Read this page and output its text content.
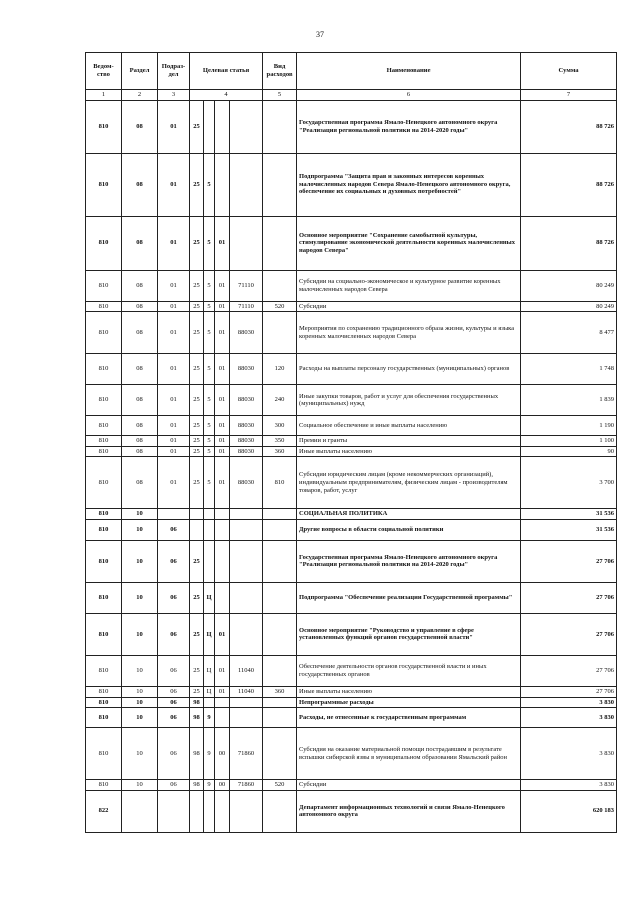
37
Ведом-ство	Раздел	Подраз-дел	Целевая статья				Вид расходов	Наименование	Сумма
1	2	3	4				5	6	7
810	08	01	25					Государственная программа Ямало-Ненецкого автономного округа "Реализация региональной политики на 2014-2020 годы"	88 726
810	08	01	25	5				Подпрограмма "Защита прав и законных интересов коренных малочисленных народов Севера Ямало-Ненецкого автономного округа, обеспечение их социальных и духовных потребностей"	88 726
810	08	01	25	5	01			Основное мероприятие "Сохранение самобытной культуры, стимулирование экономической деятельности коренных малочисленных народов Севера"	88 726
810	08	01	25	5	01	71110		Субсидии на социально-экономическое и культурное развитие коренных малочисленных народов Севера	80 249
810	08	01	25	5	01	71110	520	Субсидии	80 249
810	08	01	25	5	01	88030		Мероприятия по сохранению традиционного образа жизни, культуры и языка коренных малочисленных народов Севера	8 477
810	08	01	25	5	01	88030	120	Расходы на выплаты персоналу государственных (муниципальных) органов	1 748
810	08	01	25	5	01	88030	240	Иные закупки товаров, работ и услуг для обеспечения государственных (муниципальных) нужд	1 839
810	08	01	25	5	01	88030	300	Социальное обеспечение и иные выплаты населению	1 190
810	08	01	25	5	01	88030	350	Премии и гранты	1 100
810	08	01	25	5	01	88030	360	Иные выплаты населению	90
810	08	01	25	5	01	88030	810	Субсидии юридическим лицам (кроме некоммерческих организаций), индивидуальным предпринимателям, физическим лицам - производителям товаров, работ, услуг	3 700
810	10							СОЦИАЛЬНАЯ ПОЛИТИКА	31 536
810	10	06						Другие вопросы в области социальной политики	31 536
810	10	06	25					Государственная программа Ямало-Ненецкого автономного округа "Реализация региональной политики на 2014-2020 годы"	27 706
810	10	06	25	Ц				Подпрограмма "Обеспечение реализации Государственной программы"	27 706
810	10	06	25	Ц	01			Основное мероприятие "Руководство и управление в сфере установленных функций органов государственной власти"	27 706
810	10	06	25	Ц	01	11040		Обеспечение деятельности органов государственной власти и иных государственных органов	27 706
810	10	06	25	Ц	01	11040	360	Иные выплаты населению	27 706
810	10	06	98					Непрограммные расходы	3 830
810	10	06	98	9				Расходы, не отнесенные к государственным программам	3 830
810	10	06	98	9	00	71860		Субсидия на оказание материальной помощи пострадавшим в результате вспышки сибирской язвы в муниципальном образовании Ямальский район	3 830
810	10	06	98	9	00	71860	520	Субсидии	3 830
822								Департамент информационных технологий и связи Ямало-Ненецкого автономного округа	620 183
